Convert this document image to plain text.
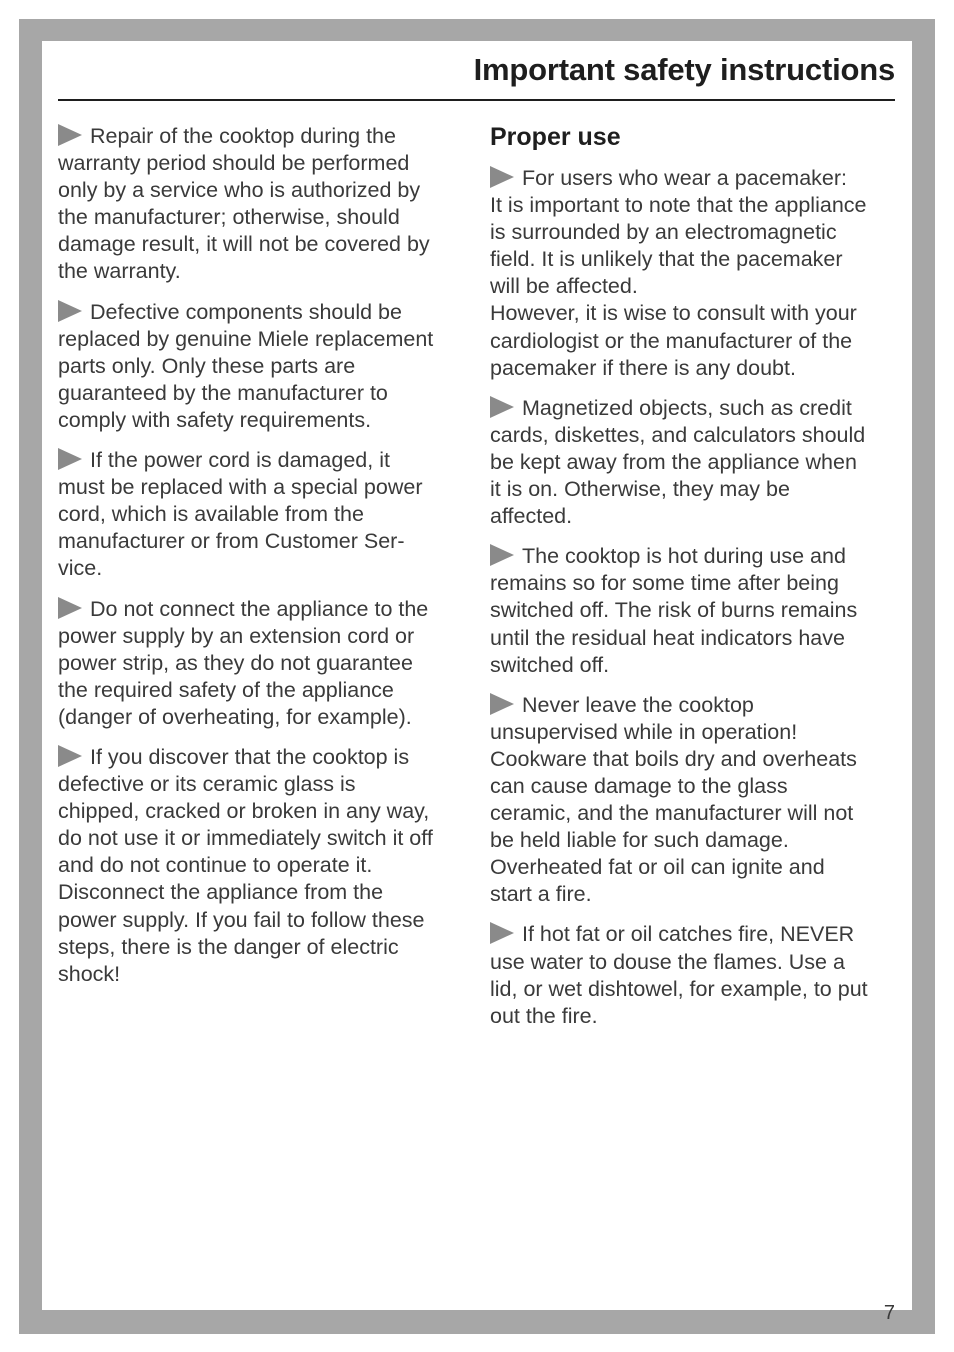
Important safety instructions

Repair of the cooktop during the
warranty period should be performed
only by a service who is authorized by
the manufacturer; otherwise, should
damage result, it will not be covered by
the warranty.

Defective components should be
replaced by genuine Miele replacement
parts only. Only these parts are
guaranteed by the manufacturer to
comply with safety requirements.

If the power cord is damaged, it
must be replaced with a special power
cord, which is available from the
manufacturer or from Customer Ser-
vice.

Do not connect the appliance to the
power supply by an extension cord or
power strip, as they do not guarantee
the required safety of the appliance
(danger of overheating, for example).

If you discover that the cooktop is
defective or its ceramic glass is
chipped, cracked or broken in any way,
do not use it or immediately switch it off
and do not continue to operate it.
Disconnect the appliance from the
power supply. If you fail to follow these
steps, there is the danger of electric
shock!

Proper use

For users who wear a pacemaker:
It is important to note that the appliance
is surrounded by an electromagnetic
field. It is unlikely that the pacemaker
will be affected.
However, it is wise to consult with your
cardiologist or the manufacturer of the
pacemaker if there is any doubt.

Magnetized objects, such as credit
cards, diskettes, and calculators should
be kept away from the appliance when
it is on. Otherwise, they may be
affected.

The cooktop is hot during use and
remains so for some time after being
switched off. The risk of burns remains
until the residual heat indicators have
switched off.

Never leave the cooktop
unsupervised while in operation!
Cookware that boils dry and overheats
can cause damage to the glass
ceramic, and the manufacturer will not
be held liable for such damage.
Overheated fat or oil can ignite and
start a fire.

If hot fat or oil catches fire, NEVER
use water to douse the flames. Use a
lid, or wet dishtowel, for example, to put
out the fire.

7
